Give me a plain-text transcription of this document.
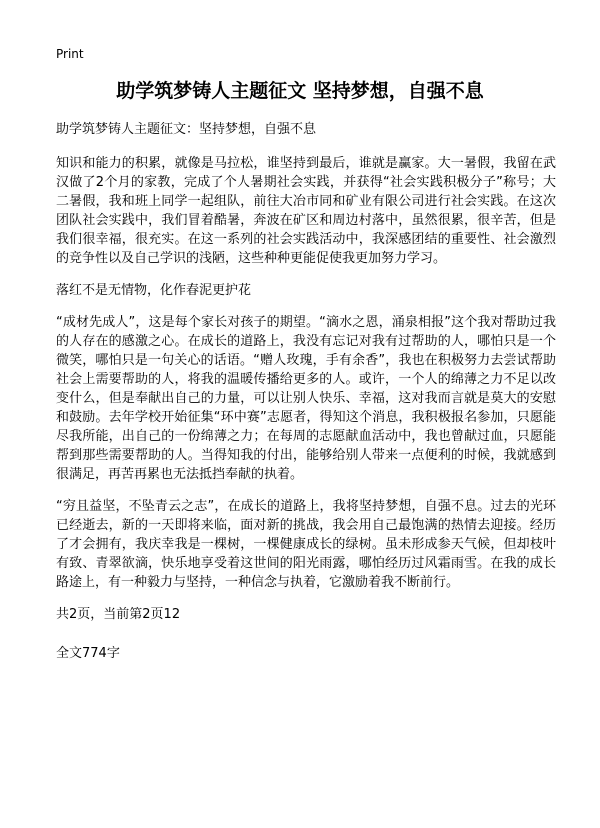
Print
助学筑梦铸人主题征文 坚持梦想，自强不息

助学筑梦铸人主题征文：坚持梦想，自强不息

知识和能力的积累，就像是马拉松，谁坚持到最后，谁就是赢家。大一暑假，我留在武汉做了2个月的家教，完成了个人暑期社会实践，并获得“社会实践积极分子”称号；大二暑假，我和班上同学一起组队，前往大冶市同和矿业有限公司进行社会实践。在这次团队社会实践中，我们冒着酷暑，奔波在矿区和周边村落中，虽然很累，很辛苦，但是我们很幸福，很充实。在这一系列的社会实践活动中，我深感团结的重要性、社会激烈的竞争性以及自己学识的浅陋，这些种种更能促使我更加努力学习。

落红不是无情物，化作春泥更护花

“成材先成人”，这是每个家长对孩子的期望。“滴水之恩，涌泉相报”这个我对帮助过我的人存在的感激之心。在成长的道路上，我没有忘记对我有过帮助的人，哪怕只是一个微笑，哪怕只是一句关心的话语。“赠人玫瑰，手有余香”，我也在积极努力去尝试帮助社会上需要帮助的人，将我的温暖传播给更多的人。或许，一个人的绵薄之力不足以改变什么，但是奉献出自己的力量，可以让别人快乐、幸福，这对我而言就是莫大的安慰和鼓励。去年学校开始征集“环中赛”志愿者，得知这个消息，我积极报名参加，只愿能尽我所能，出自己的一份绵薄之力；在每周的志愿献血活动中，我也曾献过血，只愿能帮到那些需要帮助的人。当得知我的付出，能够给别人带来一点便利的时候，我就感到很满足，再苦再累也无法抵挡奉献的执着。

“穷且益坚，不坠青云之志”，在成长的道路上，我将坚持梦想，自强不息。过去的光环已经逝去，新的一天即将来临，面对新的挑战，我会用自己最饱满的热情去迎接。经历了才会拥有，我庆幸我是一棵树，一棵健康成长的绿树。虽未形成参天气候，但却枝叶有致、青翠欲滴，快乐地享受着这世间的阳光雨露，哪怕经历过风霜雨雪。在我的成长路途上，有一种毅力与坚持，一种信念与执着，它激励着我不断前行。

共2页，当前第2页12

全文774字
